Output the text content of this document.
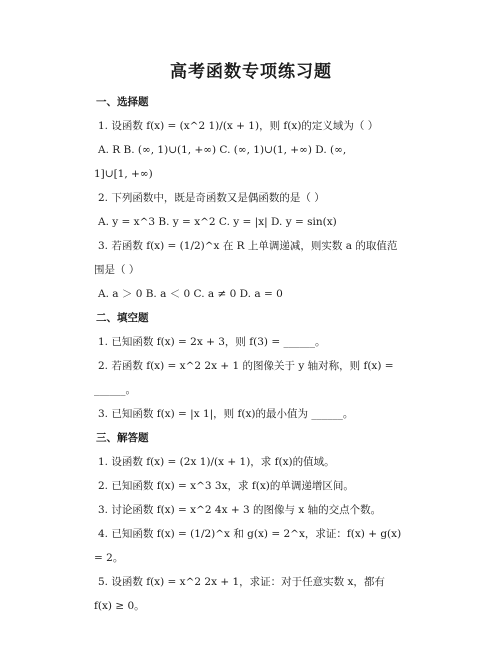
高考函数专项练习题
一、选择题
1. 设函数 f(x) = (x^2 1)/(x + 1)，则 f(x)的定义域为（ ）
A. R B. (∞, 1)∪(1, +∞) C. (∞, 1)∪(1, +∞) D. (∞,
1]∪[1, +∞)
2. 下列函数中，既是奇函数又是偶函数的是（ ）
A. y = x^3 B. y = x^2 C. y = |x| D. y = sin(x)
3. 若函数 f(x) = (1/2)^x 在 R 上单调递减，则实数 a 的取值范
围是（ ）
A. a ＞ 0 B. a ＜ 0 C. a ≠ 0 D. a = 0
二、填空题
1. 已知函数 f(x) = 2x + 3，则 f(3) = ______。
2. 若函数 f(x) = x^2 2x + 1 的图像关于 y 轴对称，则 f(x) =
______。
3. 已知函数 f(x) = |x 1|，则 f(x)的最小值为 ______。
三、解答题
1. 设函数 f(x) = (2x 1)/(x + 1)，求 f(x)的值域。
2. 已知函数 f(x) = x^3 3x，求 f(x)的单调递增区间。
3. 讨论函数 f(x) = x^2 4x + 3 的图像与 x 轴的交点个数。
4. 已知函数 f(x) = (1/2)^x 和 g(x) = 2^x，求证：f(x) + g(x)
= 2。
5. 设函数 f(x) = x^2 2x + 1，求证：对于任意实数 x，都有
f(x) ≥ 0。
